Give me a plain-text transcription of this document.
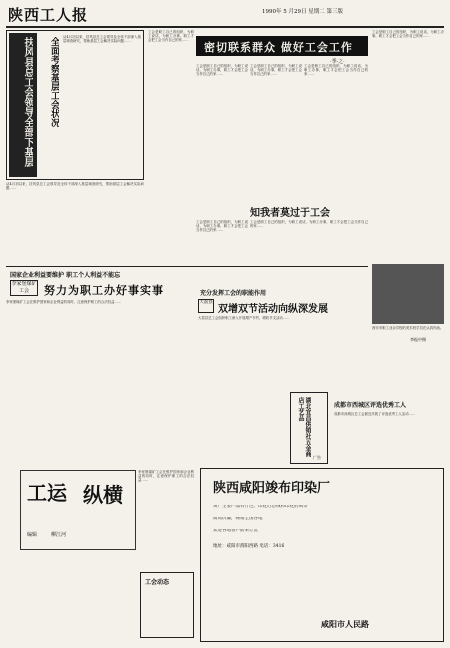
陕西工人报	1990年 5 月29日 星期二 第三版
扶风县总工会领导全部下基层	全面考察基层工会状况 从4月初以来，扶风县总工会领导及全体干部深入基层调查研究，帮助基层工会解决实际问题……
从4月初以来，扶风县总工会领导及全体干部深入基层调查研究，帮助基层工会解决实际问题……
密切联系群众 做好工会工作
·季·之·
工会是职工自己的组织，为职工说话，为职工办事，职工才会把工会当作自己的家……
工会是职工自己的组织，为职工说话，为职工办事，职工才会把工会当作自己的家……
工会是职工自己的组织，为职工说话，为职工办事，职工才会把工会当作自己的家……
工会是职工自己的组织，为职工说话，为职工办事，职工才会把工会当作自己的家……
工会是职工自己的组织，为职工说话，为职工办事，职工才会把工会当作自己的家……
知我者莫过于工会
工会是职工自己的组织，为职工说话，为职工办事，职工才会把工会当作自己的家……
工会是职工自己的组织，为职工说话，为职工办事，职工才会把工会当作自己的家……
西安市职工业余学校的美术班学员在认真作画。
李振中摄
国家企业利益要维护 职工个人利益不能忘
李家堡煤矿工会	努力为职工办好事实事
李家堡煤矿工会在维护国家和企业利益的同时，注意保护职工的合法权益……
充分发挥工会的职能作用
大荔县
双增双节活动向纵深发展
大荔县总工会组织职工深入开展增产节约、增收节支活动……
工运 纵横
编辑	柳江河
李家堡煤矿工会在维护国家和企业利益的同时，注意保护职工的合法权益……
工会动态
湖北宜昌供销社五金商店工艺品
广告
成都市西城区评选优秀工人
成都市西城区总工会最近开展了评选优秀工人活动……
陕西咸阳竣布印染厂
该厂主要产品有什色、印花灯芯绒和印花府绸等
质高价廉，畅销全国各地
欢迎各地客户前来订货
地址：咸阳市渭阳西路 电话：3416
咸阳市人民路
